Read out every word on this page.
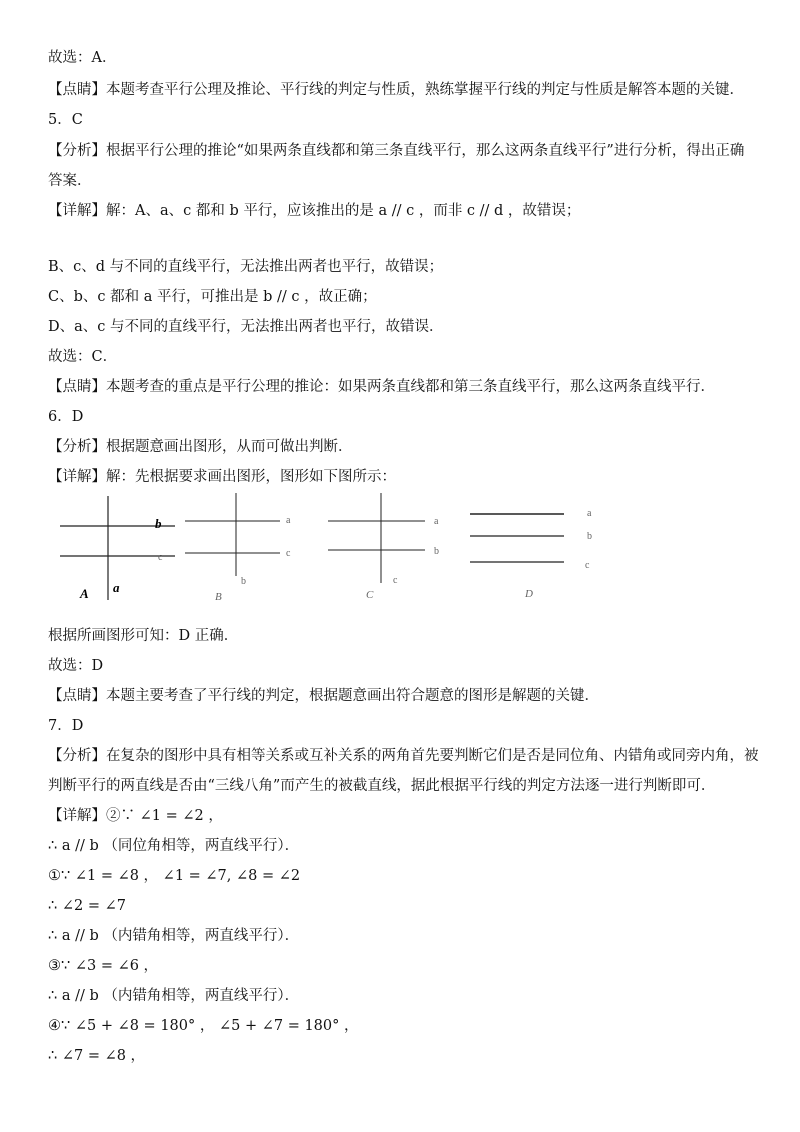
故选：A．
【点睛】本题考查平行公理及推论、平行线的判定与性质，熟练掌握平行线的判定与性质是解答本题的关键．
5．C
【分析】根据平行公理的推论“如果两条直线都和第三条直线平行，那么这两条直线平行”进行分析，得出正确
答案．
【详解】解：A、a、c 都和 b 平行，应该推出的是 a // c ，而非 c // d ，故错误；
B、c、d 与不同的直线平行，无法推出两者也平行，故错误；
C、b、c 都和 a 平行，可推出是 b // c ，故正确；
D、a、c 与不同的直线平行，无法推出两者也平行，故错误．
故选：C．
【点睛】本题考查的重点是平行公理的推论：如果两条直线都和第三条直线平行，那么这两条直线平行．
6．D
【分析】根据题意画出图形，从而可做出判断．
【详解】解：先根据要求画出图形，图形如下图所示：
b
c
a
A
a
c
b
B
a
b
c
C
a
b
c
D
根据所画图形可知：D 正确．
故选：D
【点睛】本题主要考查了平行线的判定，根据题意画出符合题意的图形是解题的关键．
7．D
【分析】在复杂的图形中具有相等关系或互补关系的两角首先要判断它们是否是同位角、内错角或同旁内角，被
判断平行的两直线是否由“三线八角”而产生的被截直线，据此根据平行线的判定方法逐一进行判断即可．
【详解】②∵ ∠1 = ∠2 ，
∴ a // b （同位角相等，两直线平行）．
①∵ ∠1 = ∠8 ， ∠1 = ∠7, ∠8 = ∠2
∴ ∠2 = ∠7
∴ a // b （内错角相等，两直线平行）．
③∵ ∠3 = ∠6 ，
∴ a // b （内错角相等，两直线平行）．
④∵ ∠5 + ∠8 = 180° ， ∠5 + ∠7 = 180° ，
∴ ∠7 = ∠8 ，
